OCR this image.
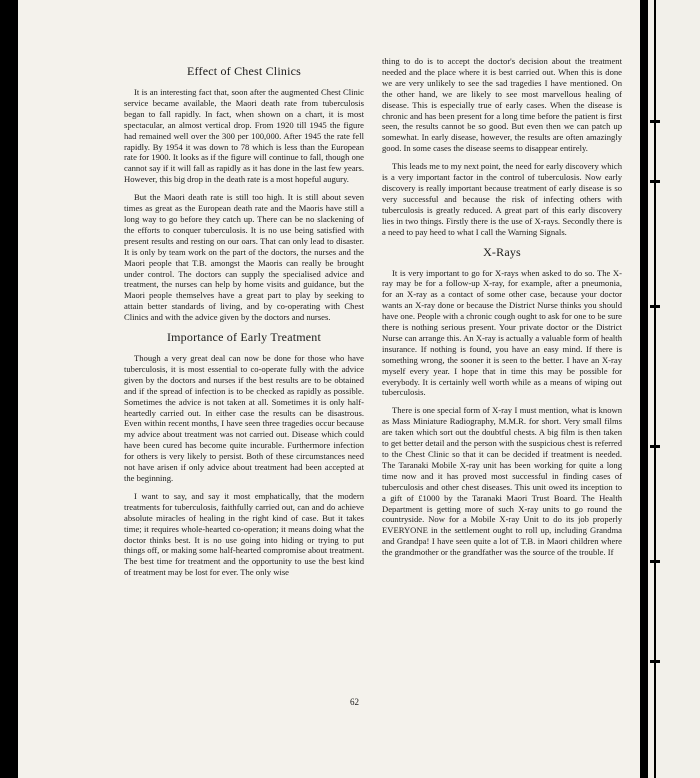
Effect of Chest Clinics

It is an interesting fact that, soon after the augmented Chest Clinic service became available, the Maori death rate from tuberculosis began to fall rapidly. In fact, when shown on a chart, it is most spectacular, an almost vertical drop. From 1920 till 1945 the figure had remained well over the 300 per 100,000. After 1945 the rate fell rapidly. By 1954 it was down to 78 which is less than the European rate for 1900. It looks as if the figure will continue to fall, though one cannot say if it will fall as rapidly as it has done in the last few years. However, this big drop in the death rate is a most hopeful augury.

But the Maori death rate is still too high. It is still about seven times as great as the European death rate and the Maoris have still a long way to go before they catch up. There can be no slackening of the efforts to conquer tuberculosis. It is no use being satisfied with present results and resting on our oars. That can only lead to disaster. It is only by team work on the part of the doctors, the nurses and the Maori people that T.B. amongst the Maoris can really be brought under control. The doctors can supply the specialised advice and treatment, the nurses can help by home visits and guidance, but the Maori people themselves have a great part to play by seeking to attain better standards of living, and by co-operating with Chest Clinics and with the advice given by the doctors and nurses.

Importance of Early Treatment

Though a very great deal can now be done for those who have tuberculosis, it is most essential to co-operate fully with the advice given by the doctors and nurses if the best results are to be obtained and if the spread of infection is to be checked as rapidly as possible. Sometimes the advice is not taken at all. Sometimes it is only half-heartedly carried out. In either case the results can be disastrous. Even within recent months, I have seen three tragedies occur because my advice about treatment was not carried out. Disease which could have been cured has become quite incurable. Furthermore infection for others is very likely to persist. Both of these circumstances need not have arisen if only advice about treatment had been accepted at the beginning.

I want to say, and say it most emphatically, that the modern treatments for tuberculosis, faithfully carried out, can and do achieve absolute miracles of healing in the right kind of case. But it takes time; it requires whole-hearted co-operation; it means doing what the doctor thinks best. It is no use going into hiding or trying to put things off, or making some half-hearted compromise about treatment. The best time for treatment and the opportunity to use the best kind of treatment may be lost for ever. The only wise

thing to do is to accept the doctor's decision about the treatment needed and the place where it is best carried out. When this is done we are very unlikely to see the sad tragedies I have mentioned. On the other hand, we are likely to see most marvellous healing of disease. This is especially true of early cases. When the disease is chronic and has been present for a long time before the patient is first seen, the results cannot be so good. But even then we can patch up somewhat. In early disease, however, the results are often amazingly good. In some cases the disease seems to disappear entirely.

This leads me to my next point, the need for early discovery which is a very important factor in the control of tuberculosis. Now early discovery is really important because treatment of early disease is so very successful and because the risk of infecting others with tuberculosis is greatly reduced. A great part of this early discovery lies in two things. Firstly there is the use of X-rays. Secondly there is a need to pay heed to what I call the Warning Signals.

X-Rays

It is very important to go for X-rays when asked to do so. The X-ray may be for a follow-up X-ray, for example, after a pneumonia, for an X-ray as a contact of some other case, because your doctor wants an X-ray done or because the District Nurse thinks you should have one. People with a chronic cough ought to ask for one to be sure there is nothing serious present. Your private doctor or the District Nurse can arrange this. An X-ray is actually a valuable form of health insurance. If nothing is found, you have an easy mind. If there is something wrong, the sooner it is seen to the better. I have an X-ray myself every year. I hope that in time this may be possible for everybody. It is certainly well worth while as a means of wiping out tuberculosis.

There is one special form of X-ray I must mention, what is known as Mass Miniature Radiography, M.M.R. for short. Very small films are taken which sort out the doubtful chests. A big film is then taken to get better detail and the person with the suspicious chest is referred to the Chest Clinic so that it can be decided if treatment is needed. The Taranaki Mobile X-ray unit has been working for quite a long time now and it has proved most successful in finding cases of tuberculosis and other chest diseases. This unit owed its inception to a gift of £1000 by the Taranaki Maori Trust Board. The Health Department is getting more of such X-ray units to go round the countryside. Now for a Mobile X-ray Unit to do its job properly EVERYONE in the settlement ought to roll up, including Grandma and Grandpa! I have seen quite a lot of T.B. in Maori children where the grandmother or the grandfather was the source of the trouble. If

62
